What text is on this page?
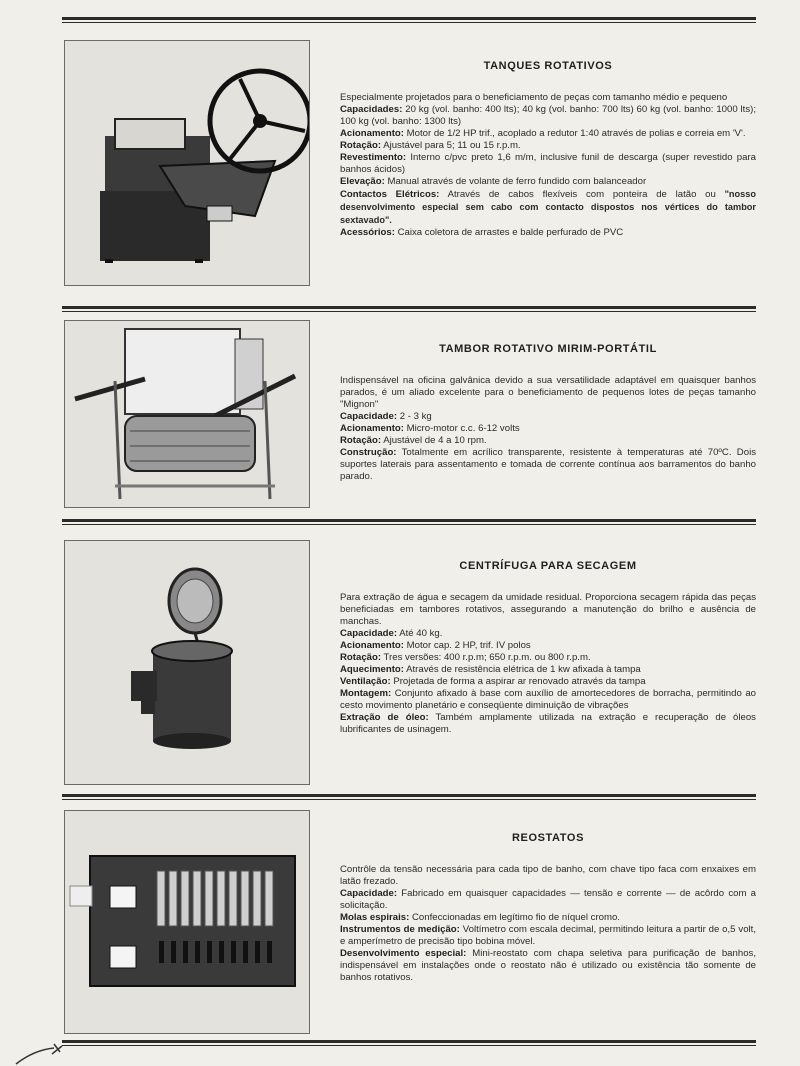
TANQUES ROTATIVOS

Especialmente projetados para o beneficiamento de peças com tamanho médio e pequeno

Capacidades: 20 kg (vol. banho: 400 lts); 40 kg (vol. banho: 700 lts) 60 kg (vol. banho: 1000 lts); 100 kg (vol. banho: 1300 lts)

Acionamento: Motor de 1/2 HP trif., acoplado a redutor 1:40 através de polias e correia em 'V'.

Rotação: Ajustável para 5; 11 ou 15 r.p.m.

Revestimento: Interno c/pvc preto 1,6 m/m, inclusive funil de descarga (super revestido para banhos ácidos)

Elevação: Manual através de volante de ferro fundido com balanceador

Contactos Elétricos: Através de cabos flexíveis com ponteira de latão ou "nosso desenvolvimento especial sem cabo com contacto dispostos nos vértices do tambor sextavado".

Acessórios: Caixa coletora de arrastes e balde perfurado de PVC

TAMBOR ROTATIVO MIRIM-PORTÁTIL

Indispensável na oficina galvânica devido a sua versatilidade adaptável em quaisquer banhos parados, é um aliado excelente para o beneficiamento de pequenos lotes de peças tamanho "Mignon"

Capacidade: 2 - 3 kg

Acionamento: Micro-motor c.c. 6-12 volts

Rotação: Ajustável de 4 a 10 rpm.

Construção: Totalmente em acrílico transparente, resistente à temperaturas até 70ºC. Dois suportes laterais para assentamento e tomada de corrente contínua aos barramentos do banho parado.

CENTRÍFUGA PARA SECAGEM

Para extração de água e secagem da umidade residual. Proporciona secagem rápida das peças beneficiadas em tambores rotativos, assegurando a manutenção do brilho e ausência de manchas.

Capacidade: Até 40 kg.

Acionamento: Motor cap. 2 HP, trif. IV polos

Rotação: Tres versões: 400 r.p.m; 650 r.p.m. ou 800 r.p.m.

Aquecimento: Através de resistência elétrica de 1 kw afixada à tampa

Ventilação: Projetada de forma a aspirar ar renovado através da tampa

Montagem: Conjunto afixado à base com auxílio de amortecedores de borracha, permitindo ao cesto movimento planetário e conseqüente diminuição de vibrações

Extração de óleo: Também amplamente utilizada na extração e recuperação de óleos lubrificantes de usinagem.

REOSTATOS

Contrôle da tensão necessária para cada tipo de banho, com chave tipo faca com enxaixes em latão frezado.

Capacidade: Fabricado em quaisquer capacidades — tensão e corrente — de acôrdo com a solicitação.

Molas espirais: Confeccionadas em legítimo fio de níquel cromo.

Instrumentos de medição: Voltímetro com escala decimal, permitindo leitura a partir de o,5 volt, e amperímetro de precisão tipo bobina móvel.

Desenvolvimento especial: Mini-reostato com chapa seletiva para purificação de banhos, indispensável em instalações onde o reostato não é utilizado ou existência tão somente de banhos rotativos.
